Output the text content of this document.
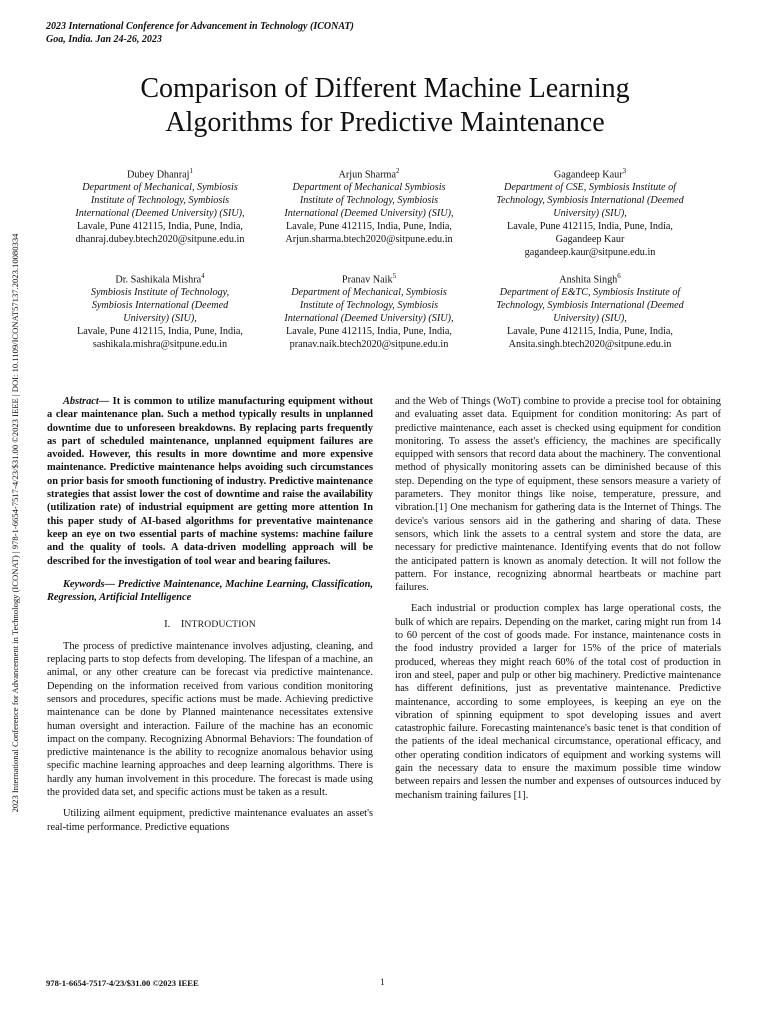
2023 International Conference for Advancement in Technology (ICONAT)
Goa, India. Jan 24-26, 2023
2023 International Conference for Advancement in Technology (ICONAT) | 978-1-6654-7517-4/23/$31.00 ©2023 IEEE | DOI: 10.1109/ICONAT57137.2023.10080334
Comparison of Different Machine Learning
Algorithms for Predictive Maintenance
Dubey Dhanraj$^1$
Department of Mechanical, Symbiosis
Institute of Technology, Symbiosis
International (Deemed University) (SIU),
Lavale, Pune 412115, India, Pune, India,
dhanraj.dubey.btech2020@sitpune.edu.in
Arjun Sharma$^2$
Department of Mechanical Symbiosis
Institute of Technology, Symbiosis
International (Deemed University) (SIU),
Lavale, Pune 412115, India, Pune, India,
Arjun.sharma.btech2020@sitpune.edu.in
Gagandeep Kaur$^3$
Department of CSE, Symbiosis Institute of
Technology, Symbiosis International (Deemed
University) (SIU),
Lavale, Pune 412115, India, Pune, India,
Gagandeep Kaur
gagandeep.kaur@sitpune.edu.in
Dr. Sashikala Mishra$^4$
Symbiosis Institute of Technology,
Symbiosis International (Deemed
University) (SIU),
Lavale, Pune 412115, India, Pune, India,
sashikala.mishra@sitpune.edu.in
Pranav Naik$^5$
Department of Mechanical, Symbiosis
Institute of Technology, Symbiosis
International (Deemed University) (SIU),
Lavale, Pune 412115, India, Pune, India,
pranav.naik.btech2020@sitpune.edu.in
Anshita Singh$^6$
Department of E&TC, Symbiosis Institute of
Technology, Symbiosis International (Deemed
University) (SIU),
Lavale, Pune 412115, India, Pune, India,
Ansita.singh.btech2020@sitpune.edu.in

Abstract— It is common to utilize manufacturing equipment without a clear maintenance plan. Such a method typically results in unplanned downtime due to unforeseen breakdowns. By replacing parts frequently as part of scheduled maintenance, unplanned equipment failures are avoided. However, this results in more downtime and more expensive maintenance. Predictive maintenance helps avoiding such circumstances on prior basis for smooth functioning of industry. Predictive maintenance strategies that assist lower the cost of downtime and raise the availability (utilization rate) of industrial equipment are getting more attention In this paper study of AI-based algorithms for preventative maintenance keep an eye on two essential parts of machine systems: machine failure and the quality of tools. A data-driven modelling approach will be described for the investigation of tool wear and bearing failures.

Keywords— Predictive Maintenance, Machine Learning, Classification, Regression, Artificial Intelligence

I. INTRODUCTION

The process of predictive maintenance involves adjusting, cleaning, and replacing parts to stop defects from developing. The lifespan of a machine, an animal, or any other creature can be forecast via predictive maintenance. Depending on the information received from various condition monitoring sensors and procedures, specific actions must be made. Achieving predictive maintenance can be done by Planned maintenance necessitates extensive human oversight and interaction. Failure of the machine has an economic impact on the company. Recognizing Abnormal Behaviors: The foundation of predictive maintenance is the ability to recognize anomalous behavior using specific machine learning approaches and deep learning algorithms. There is hardly any human involvement in this procedure. The forecast is made using the provided data set, and specific actions must be taken as a result.

Utilizing ailment equipment, predictive maintenance evaluates an asset's real-time performance. Predictive equations

and the Web of Things (WoT) combine to provide a precise tool for obtaining and evaluating asset data. Equipment for condition monitoring: As part of predictive maintenance, each asset is checked using equipment for condition monitoring. To assess the asset's efficiency, the machines are specifically equipped with sensors that record data about the machinery. The conventional method of physically monitoring assets can be diminished because of this step. Depending on the type of equipment, these sensors measure a variety of parameters. They monitor things like noise, temperature, pressure, and vibration.[1] One mechanism for gathering data is the Internet of Things. The device's various sensors aid in the gathering and sharing of data. These sensors, which link the assets to a central system and store the data, are necessary for predictive maintenance. Identifying events that do not follow the anticipated pattern is known as anomaly detection. It will not follow the pattern. For instance, recognizing abnormal heartbeats or machine part failures.

Each industrial or production complex has large operational costs, the bulk of which are repairs. Depending on the market, caring might run from 14 to 60 percent of the cost of goods made. For instance, maintenance costs in the food industry provided a larger for 15% of the price of materials produced, whereas they might reach 60% of the total cost of production in iron and steel, paper and pulp or other big machinery. Predictive maintenance has different definitions, just as preventative maintenance. Predictive maintenance, according to some employees, is keeping an eye on the vibration of spinning equipment to spot developing issues and avert catastrophic failure. Forecasting maintenance's basic tenet is that condition of the patients of the ideal mechanical circumstance, operational efficacy, and other operating condition indicators of equipment and working systems will gain the necessary data to ensure the maximum possible time window between repairs and lessen the number and expenses of outsources induced by mechanism training failures [1].

978-1-6654-7517-4/23/$31.00 ©2023 IEEE	1
